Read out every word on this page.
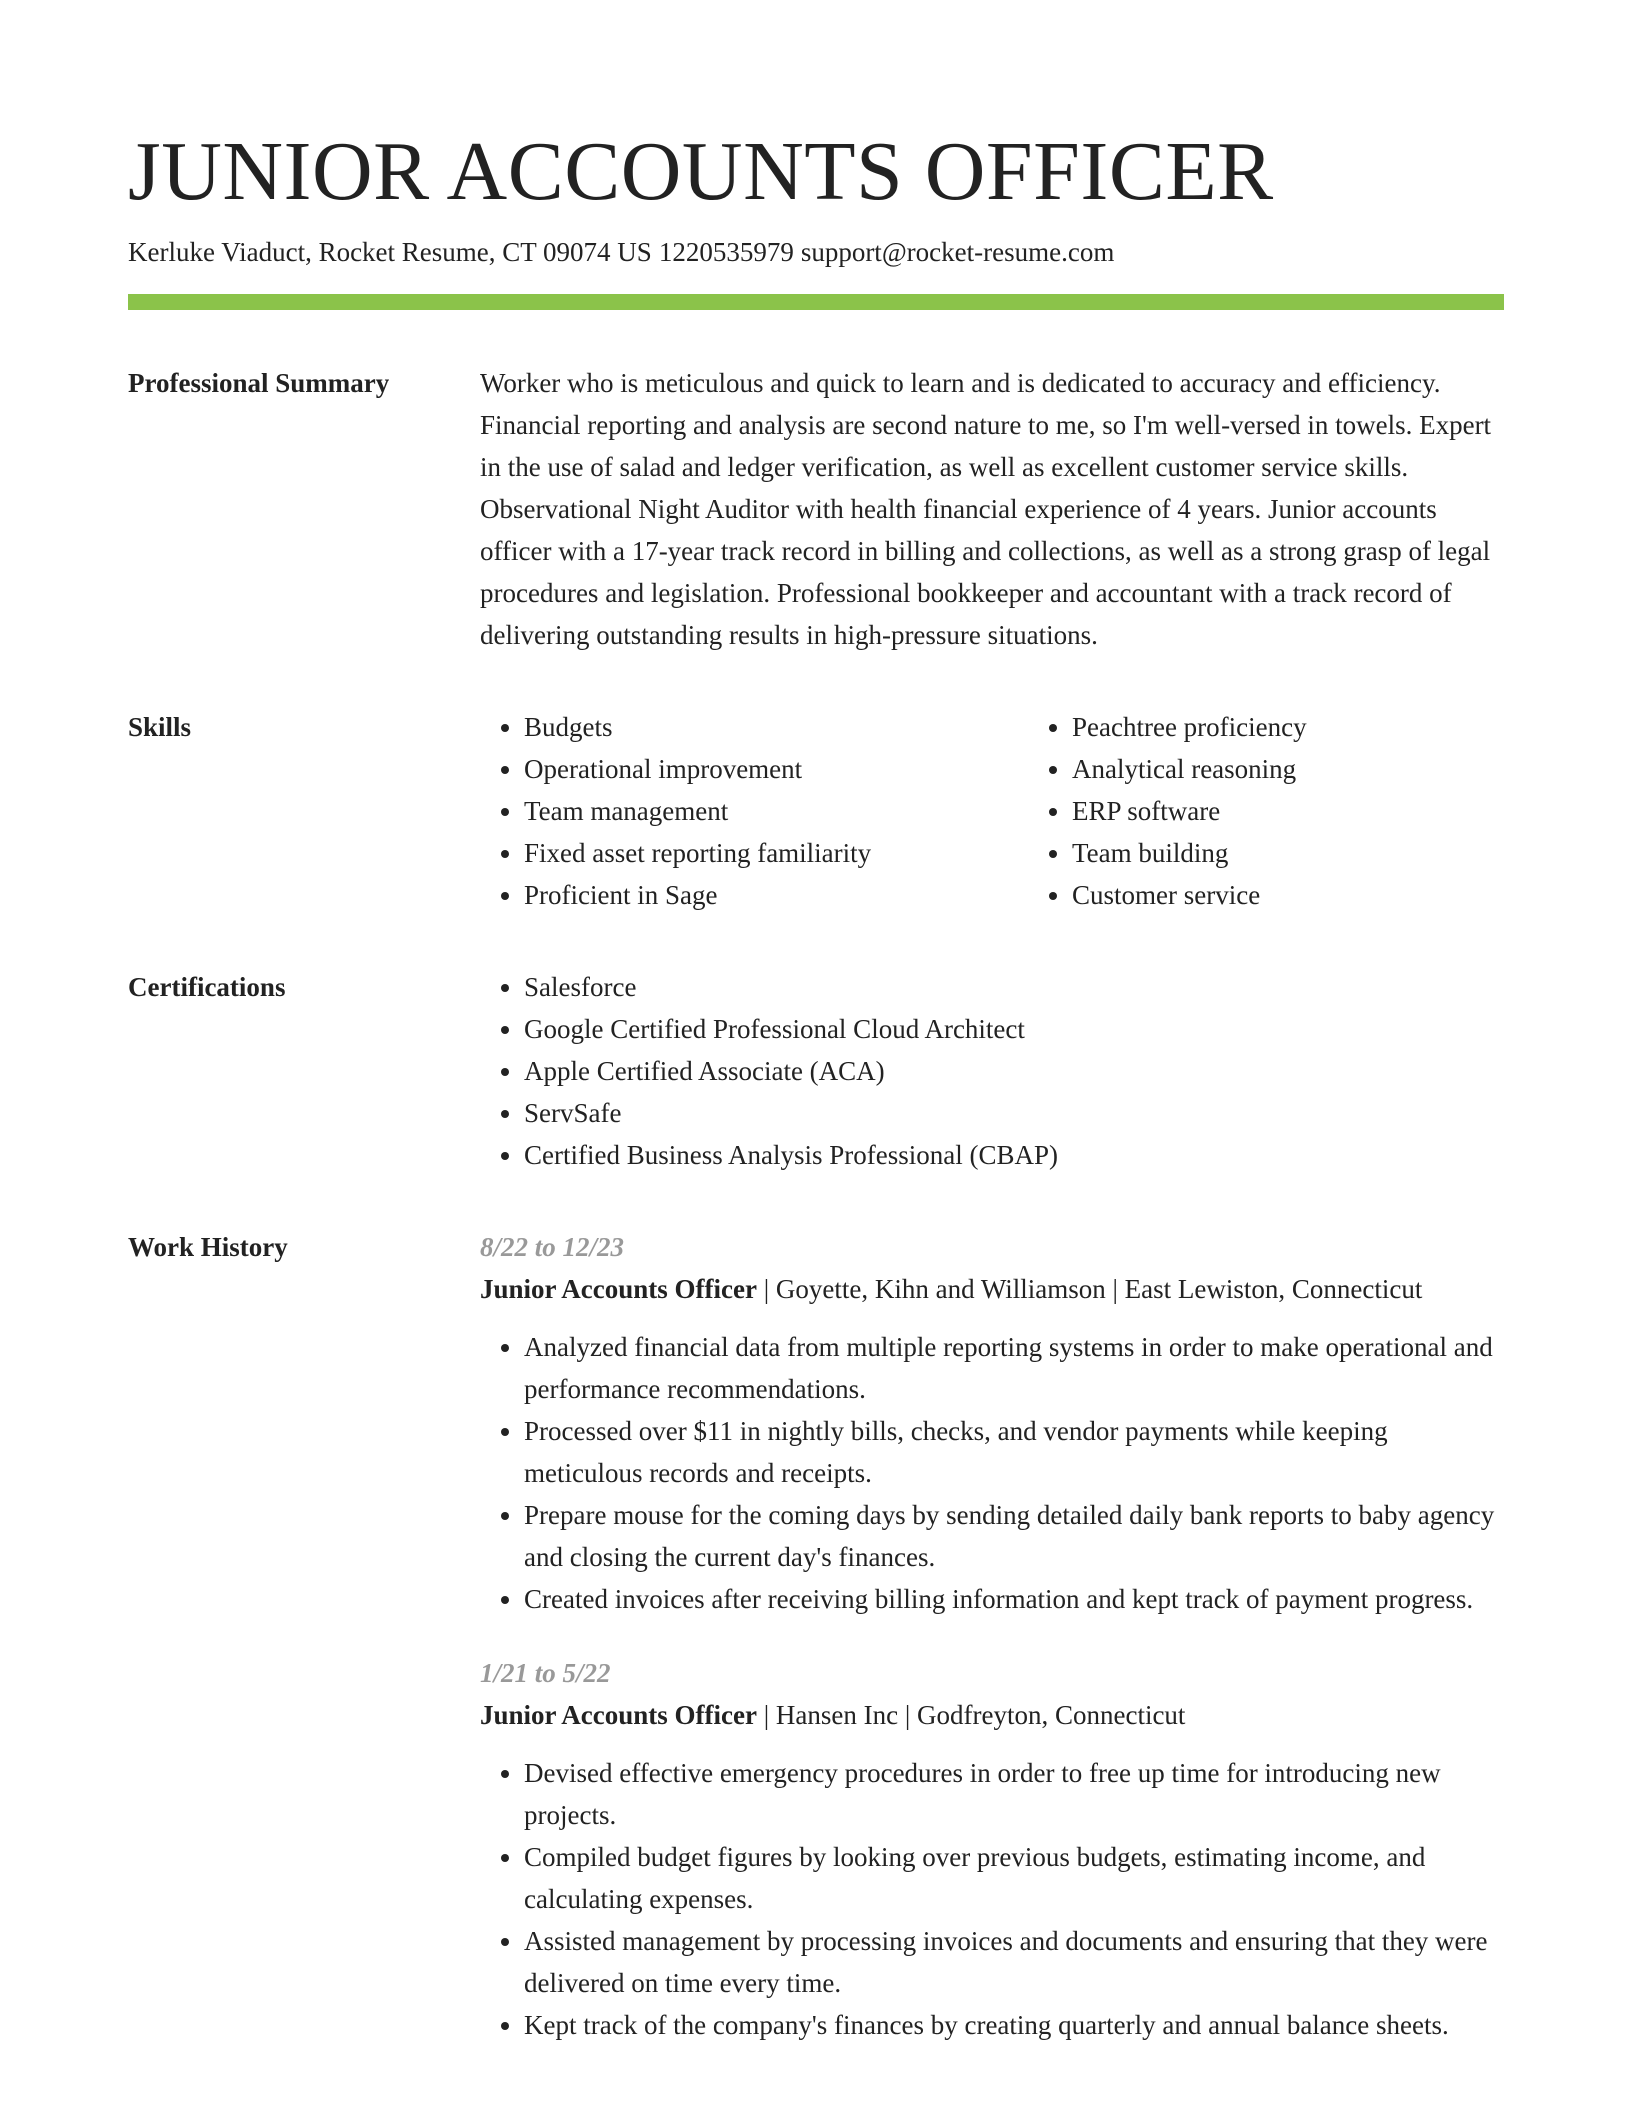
JUNIOR ACCOUNTS OFFICER
Kerluke Viaduct, Rocket Resume, CT 09074 US 1220535979 support@rocket-resume.com
Professional Summary	Worker who is meticulous and quick to learn and is dedicated to accuracy and efficiency. Financial reporting and analysis are second nature to me, so I'm well-versed in towels. Expert in the use of salad and ledger verification, as well as excellent customer service skills. Observational Night Auditor with health financial experience of 4 years. Junior accounts officer with a 17-year track record in billing and collections, as well as a strong grasp of legal procedures and legislation. Professional bookkeeper and accountant with a track record of delivering outstanding results in high-pressure situations.

Skills	• Budgets
• Operational improvement
• Team management
• Fixed asset reporting familiarity
• Proficient in Sage
• Peachtree proficiency
• Analytical reasoning
• ERP software
• Team building
• Customer service
Certifications	• Salesforce
• Google Certified Professional Cloud Architect
• Apple Certified Associate (ACA)
• ServSafe
• Certified Business Analysis Professional (CBAP)
Work History	8/22 to 12/23
Junior Accounts Officer | Goyette, Kihn and Williamson | East Lewiston, Connecticut
• Analyzed financial data from multiple reporting systems in order to make operational and performance recommendations.
• Processed over $11 in nightly bills, checks, and vendor payments while keeping meticulous records and receipts.
• Prepare mouse for the coming days by sending detailed daily bank reports to baby agency and closing the current day's finances.
• Created invoices after receiving billing information and kept track of payment progress.
1/21 to 5/22
Junior Accounts Officer | Hansen Inc | Godfreyton, Connecticut
• Devised effective emergency procedures in order to free up time for introducing new projects.
• Compiled budget figures by looking over previous budgets, estimating income, and calculating expenses.
• Assisted management by processing invoices and documents and ensuring that they were delivered on time every time.
• Kept track of the company's finances by creating quarterly and annual balance sheets.
